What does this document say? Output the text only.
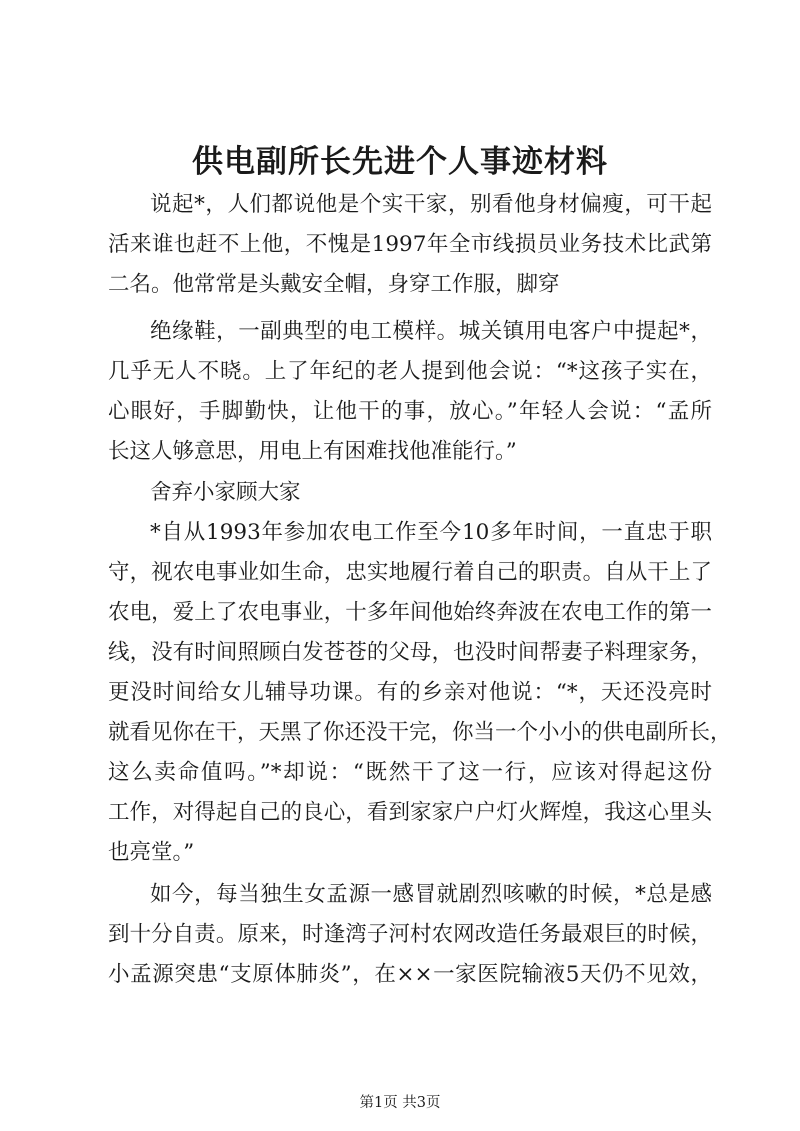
供电副所长先进个人事迹材料
说起*，人们都说他是个实干家，别看他身材偏瘦，可干起
活来谁也赶不上他，不愧是1997年全市线损员业务技术比武第
二名。他常常是头戴安全帽，身穿工作服，脚穿
绝缘鞋，一副典型的电工模样。城关镇用电客户中提起*，
几乎无人不晓。上了年纪的老人提到他会说：“*这孩子实在，
心眼好，手脚勤快，让他干的事，放心。”年轻人会说：“孟所
长这人够意思，用电上有困难找他准能行。”
舍弃小家顾大家
*自从1993年参加农电工作至今10多年时间，一直忠于职
守，视农电事业如生命，忠实地履行着自己的职责。自从干上了
农电，爱上了农电事业，十多年间他始终奔波在农电工作的第一
线，没有时间照顾白发苍苍的父母，也没时间帮妻子料理家务，
更没时间给女儿辅导功课。有的乡亲对他说：“*，天还没亮时
就看见你在干，天黑了你还没干完，你当一个小小的供电副所长，
这么卖命值吗。”*却说：“既然干了这一行，应该对得起这份
工作，对得起自己的良心，看到家家户户灯火辉煌，我这心里头
也亮堂。”
如今，每当独生女孟源一感冒就剧烈咳嗽的时候，*总是感
到十分自责。原来，时逢湾子河村农网改造任务最艰巨的时候，
小孟源突患“支原体肺炎”，在××一家医院输液5天仍不见效，
第1页 共3页
